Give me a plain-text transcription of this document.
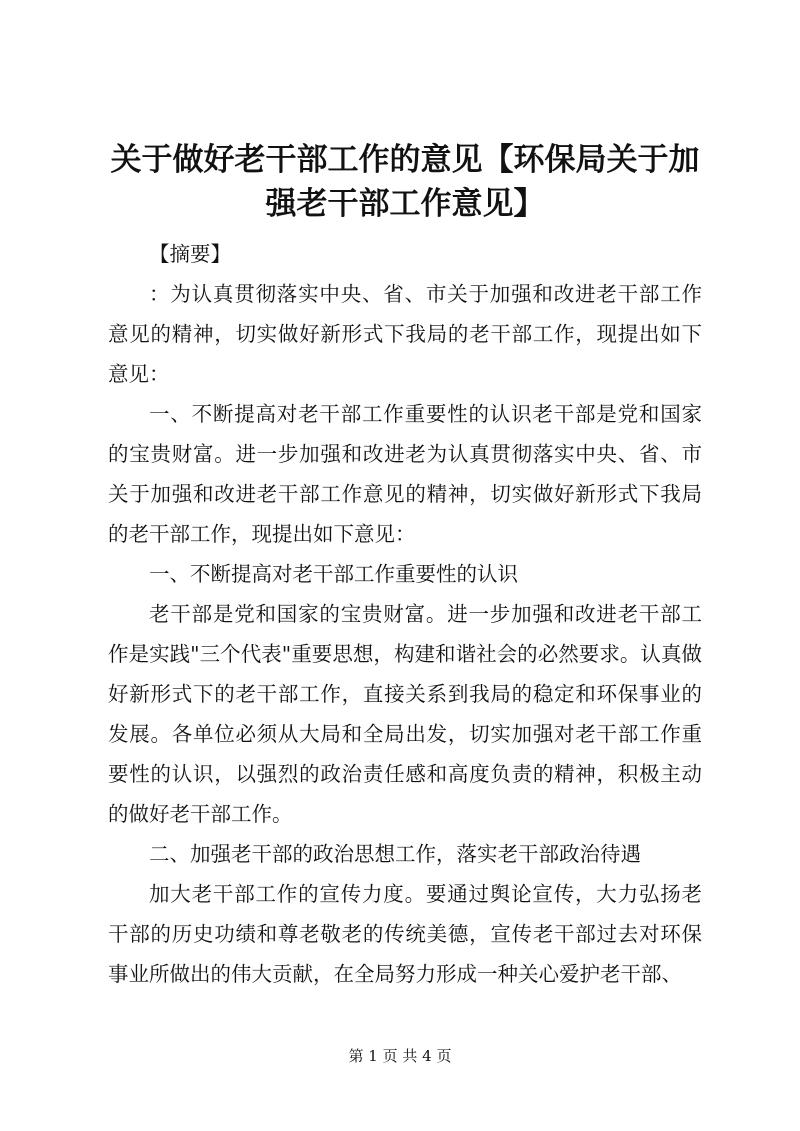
关于做好老干部工作的意见【环保局关于加强老干部工作意见】

【摘要】

：为认真贯彻落实中央、省、市关于加强和改进老干部工作意见的精神，切实做好新形式下我局的老干部工作，现提出如下意见：

一、不断提高对老干部工作重要性的认识老干部是党和国家的宝贵财富。进一步加强和改进老为认真贯彻落实中央、省、市关于加强和改进老干部工作意见的精神，切实做好新形式下我局的老干部工作，现提出如下意见：

一、不断提高对老干部工作重要性的认识

老干部是党和国家的宝贵财富。进一步加强和改进老干部工作是实践"三个代表"重要思想，构建和谐社会的必然要求。认真做好新形式下的老干部工作，直接关系到我局的稳定和环保事业的发展。各单位必须从大局和全局出发，切实加强对老干部工作重要性的认识，以强烈的政治责任感和高度负责的精神，积极主动的做好老干部工作。

二、加强老干部的政治思想工作，落实老干部政治待遇

加大老干部工作的宣传力度。要通过舆论宣传，大力弘扬老干部的历史功绩和尊老敬老的传统美德，宣传老干部过去对环保事业所做出的伟大贡献，在全局努力形成一种关心爱护老干部、

第 1 页 共 4 页
